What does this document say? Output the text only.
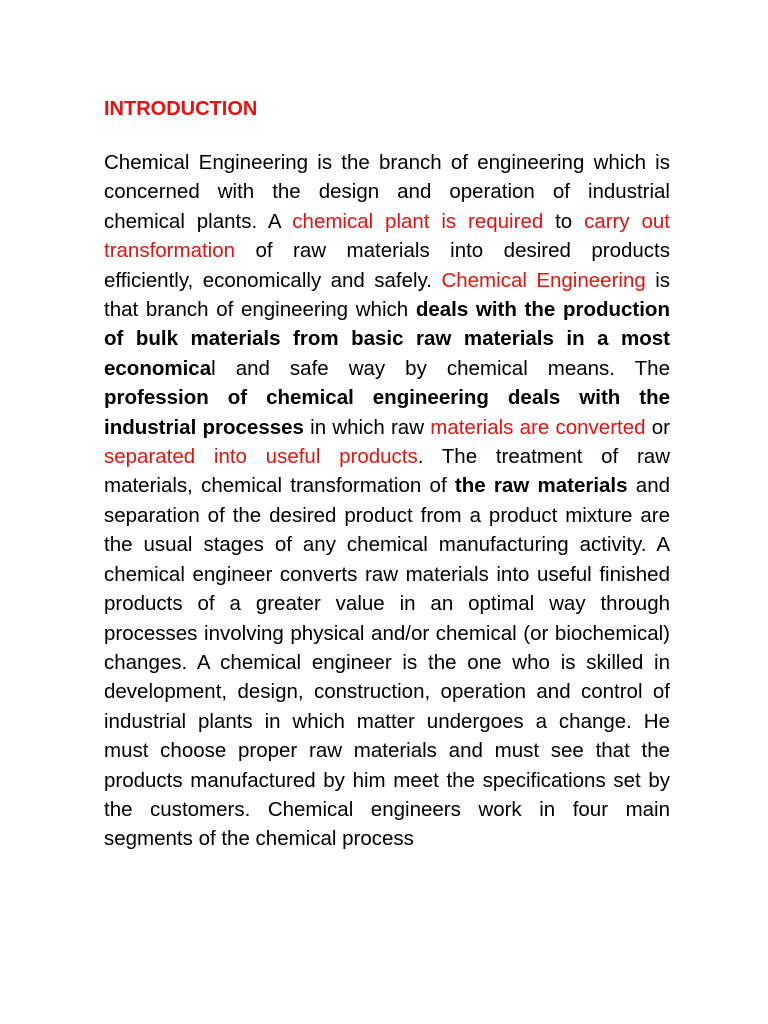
INTRODUCTION

Chemical Engineering is the branch of engineering which is concerned with the design and operation of industrial chemical plants. A chemical plant is required to carry out transformation of raw materials into desired products efficiently, economically and safely. Chemical Engineering is that branch of engineering which deals with the production of bulk materials from basic raw materials in a most economical and safe way by chemical means. The profession of chemical engineering deals with the industrial processes in which raw materials are converted or separated into useful products. The treatment of raw materials, chemical transformation of the raw materials and separation of the desired product from a product mixture are the usual stages of any chemical manufacturing activity. A chemical engineer converts raw materials into useful finished products of a greater value in an optimal way through processes involving physical and/or chemical (or biochemical) changes. A chemical engineer is the one who is skilled in development, design, construction, operation and control of industrial plants in which matter undergoes a change. He must choose proper raw materials and must see that the products manufactured by him meet the specifications set by the customers. Chemical engineers work in four main segments of the chemical process
